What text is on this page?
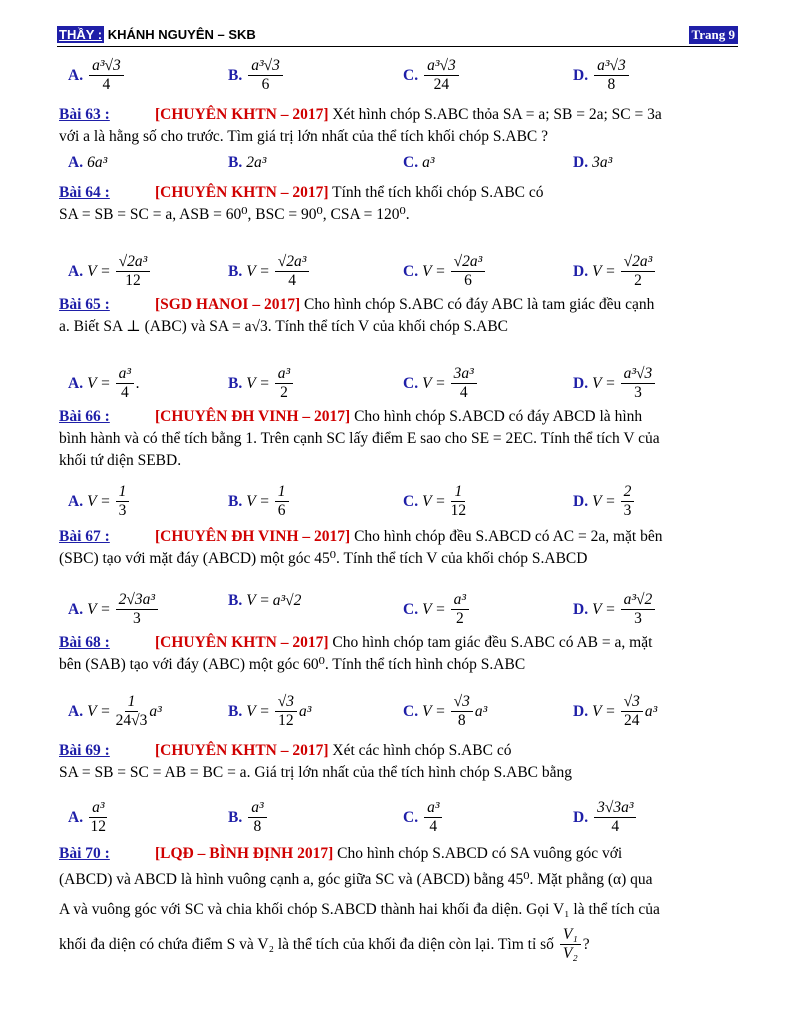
THẦY : KHÁNH NGUYÊN – SKB	Trang 9
A. $\frac{\text{a³√3}}{4}$	B. $\frac{\text{a³√3}}{6}$	C. $\frac{\text{a³√3}}{24}$	D. $\frac{\text{a³√3}}{8}$
Bài 63 :	[CHUYÊN KHTN – 2017] Xét hình chóp S.ABC thỏa SA = a; SB = 2a; SC = 3a
với a là hằng số cho trước. Tìm giá trị lớn nhất của thể tích khối chóp S.ABC ?
A. 6a³	B. 2a³	C. a³	D. 3a³
Bài 64 :	[CHUYÊN KHTN – 2017] Tính thể tích khối chóp S.ABC có
SA = SB = SC = a, ASB = 60⁰, BSC = 90⁰, CSA = 120⁰.
A. $V = \frac{\text{√2a³}}{12}$	B. $V = \frac{\text{√2a³}}{4}$	C. $V = \frac{\text{√2a³}}{6}$	D. $V = \frac{\text{√2a³}}{2}$
Bài 65 :	[SGD HANOI – 2017] Cho hình chóp S.ABC có đáy ABC là tam giác đều cạnh
a. Biết SA ⊥ (ABC) và SA = a√3. Tính thể tích V của khối chóp S.ABC
A. $V = \frac{\text{a³}}{4}$ .	B. $V = \frac{\text{a³}}{2}$	C. $V = \frac{\text{3a³}}{4}$	D. $V = \frac{\text{a³√3}}{3}$
Bài 66 :	[CHUYÊN ĐH VINH – 2017] Cho hình chóp S.ABCD có đáy ABCD là hình
bình hành và có thể tích bằng 1. Trên cạnh SC lấy điểm E sao cho SE = 2EC. Tính thể tích V của
khối tứ diện SEBD.
A. $V = \frac{1}{3}$	B. $V = \frac{1}{6}$	C. $V = \frac{1}{12}$	D. $V = \frac{2}{3}$
Bài 67 :	[CHUYÊN ĐH VINH – 2017] Cho hình chóp đều S.ABCD có AC = 2a, mặt bên
(SBC) tạo với mặt đáy (ABCD) một góc 45⁰. Tính thể tích V của khối chóp S.ABCD
A. $V = \frac{\text{2√3a³}}{3}$	B. V = a³√2
C. $V = \frac{\text{a³}}{2}$	D. $V = \frac{\text{a³√2}}{3}$
Bài 68 :	[CHUYÊN KHTN – 2017] Cho hình chóp tam giác đều S.ABC có AB = a, mặt
bên (SAB) tạo với đáy (ABC) một góc 60⁰. Tính thể tích hình chóp S.ABC
A. $V = \frac{1}{24√3} a^3$	B. $V = \frac{√3}{12} a^3$	C. $V = \frac{√3}{8} a^3$	D. $V = \frac{√3}{24} a^3$
Bài 69 :	[CHUYÊN KHTN – 2017] Xét các hình chóp S.ABC có
SA = SB = SC = AB = BC = a. Giá trị lớn nhất của thể tích hình chóp S.ABC bằng
A. $\frac{\text{a³}}{12}$	B. $\frac{\text{a³}}{8}$	C. $\frac{\text{a³}}{4}$	D. $\frac{\text{3√3a³}}{4}$
Bài 70 :	[LQĐ – BÌNH ĐỊNH 2017] Cho hình chóp S.ABCD có SA vuông góc với
(ABCD) và ABCD là hình vuông cạnh a, góc giữa SC và (ABCD) bằng 45⁰. Mặt phẳng (α) qua
A và vuông góc với SC và chia khối chóp S.ABCD thành hai khối đa diện. Gọi V₁ là thể tích của
khối đa diện có chứa điểm S và V₂ là thể tích của khối đa diện còn lại. Tìm tỉ số $\frac{\text{V₁}}{\text{V₂}}$ ?
